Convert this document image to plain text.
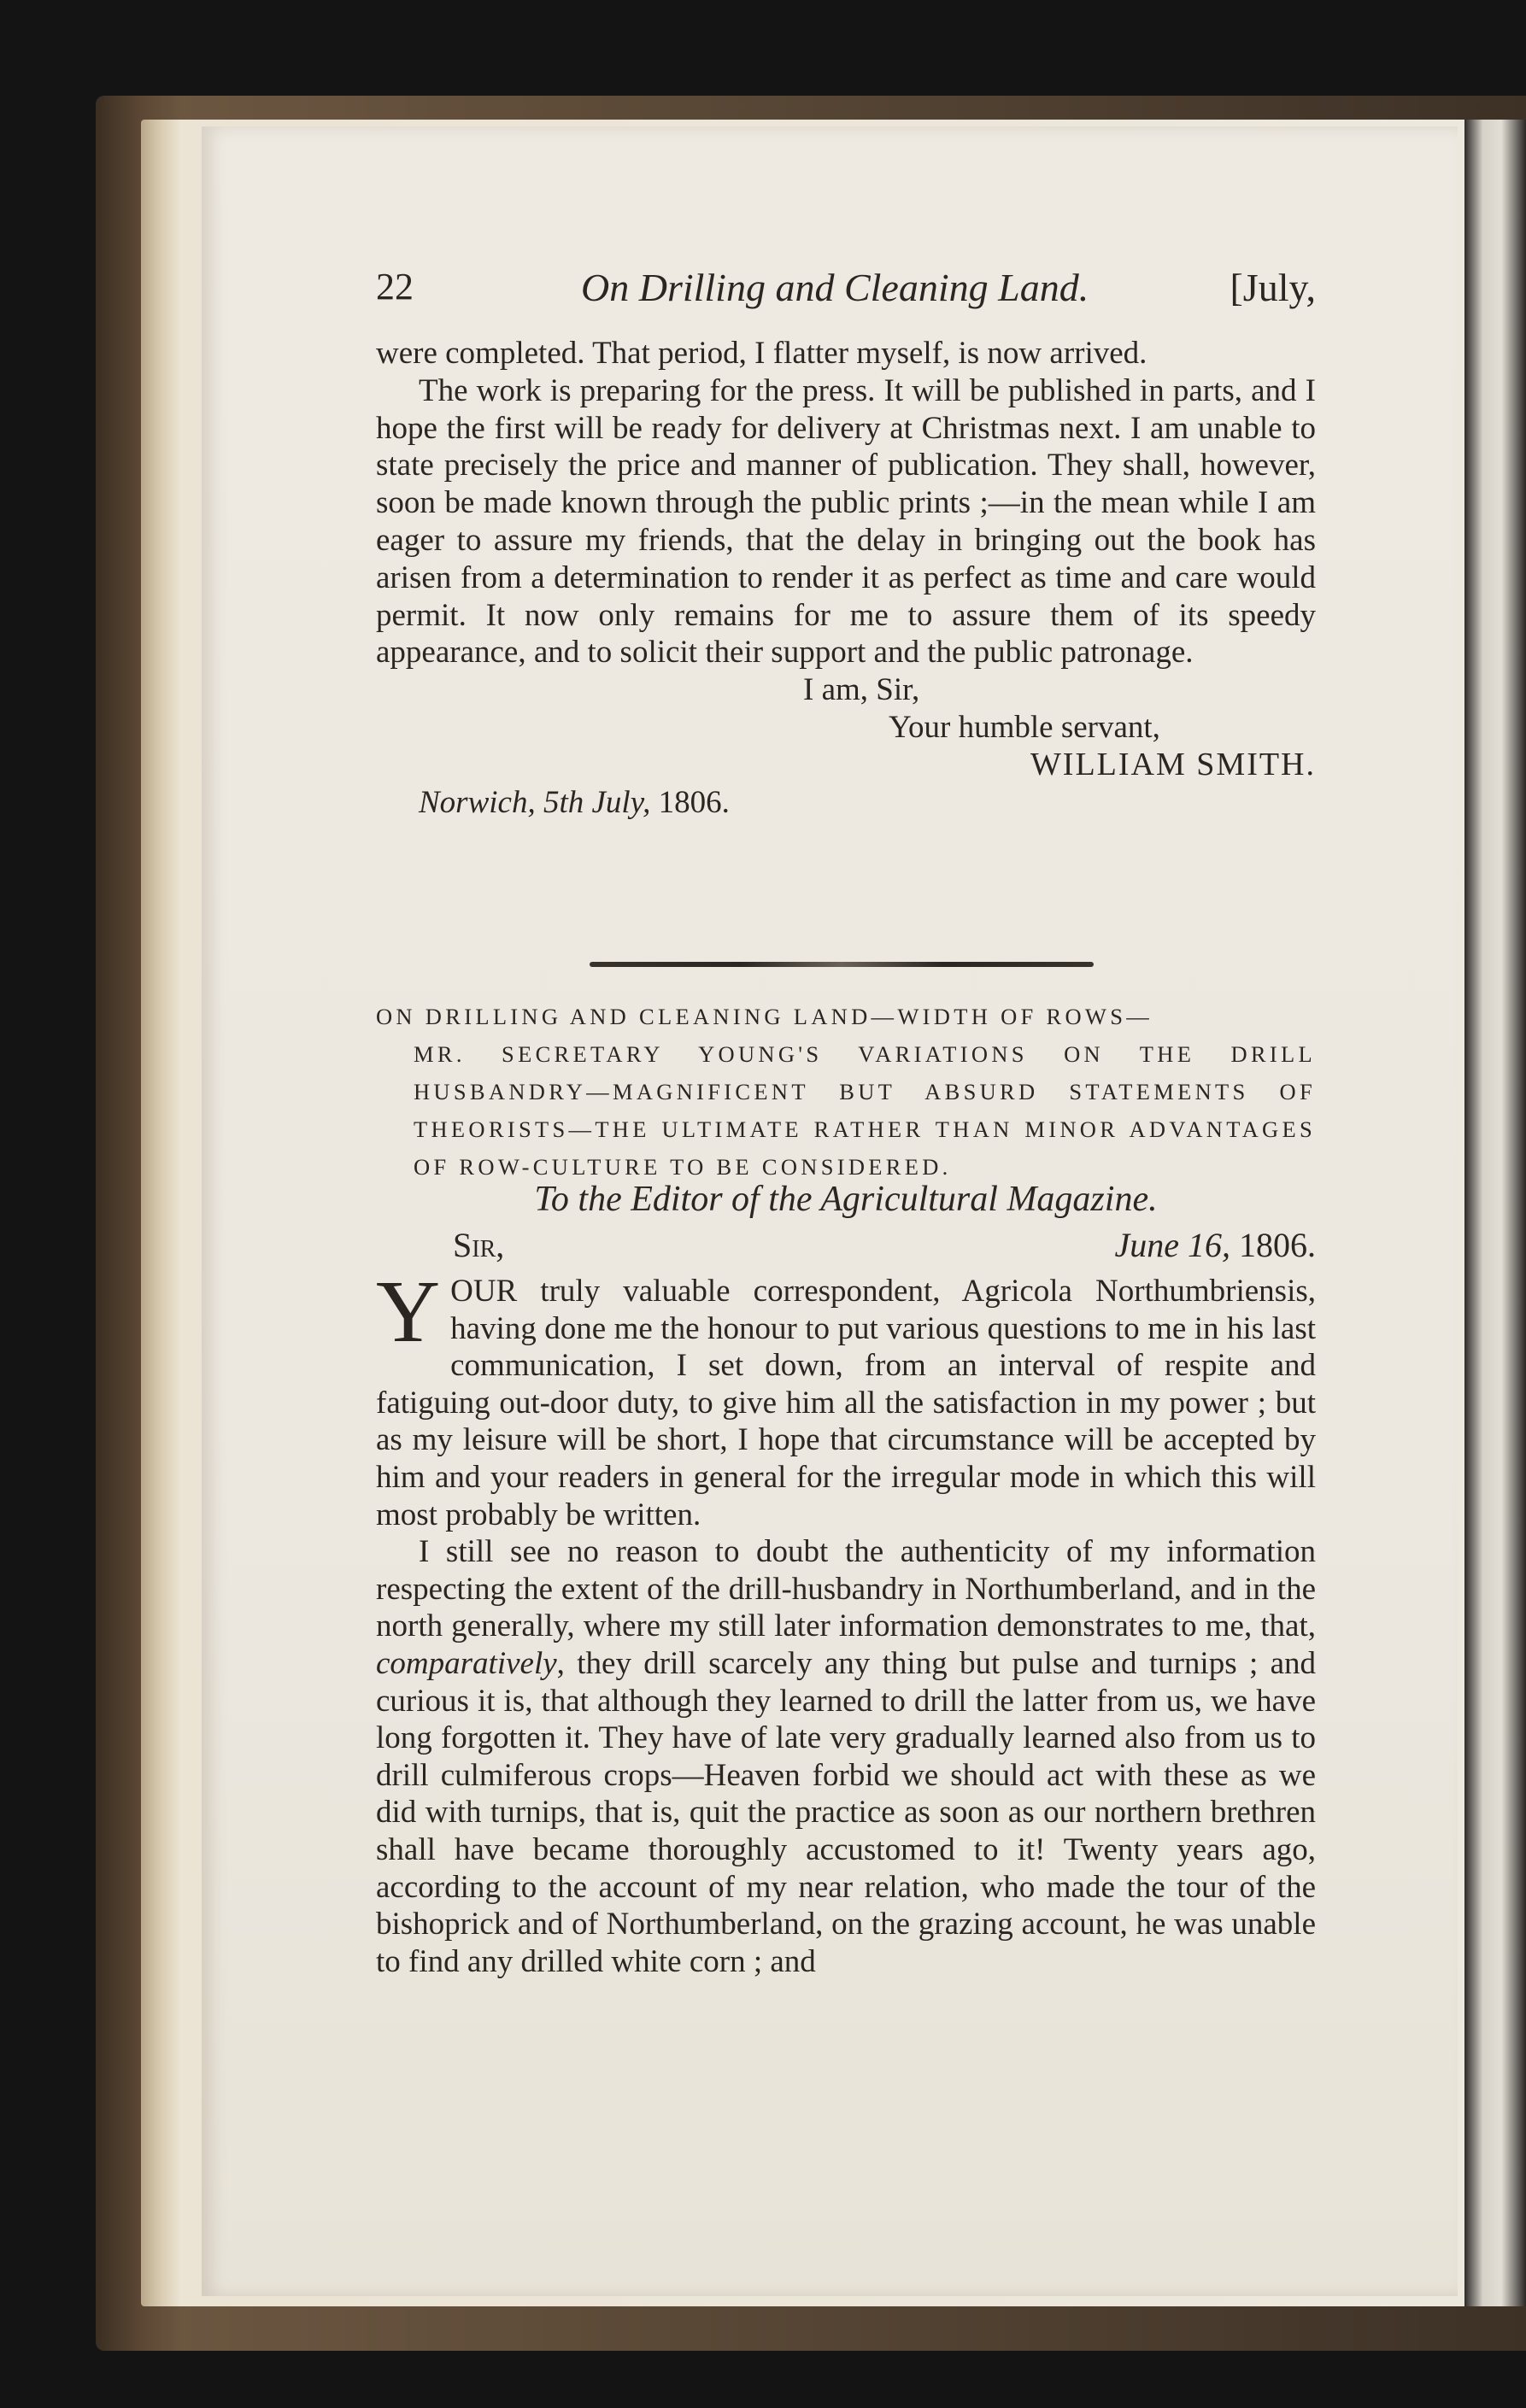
22	On Drilling and Cleaning Land.	[July,

were completed. That period, I flatter myself, is now arrived.

The work is preparing for the press. It will be published in parts, and I hope the first will be ready for delivery at Christmas next. I am unable to state precisely the price and manner of publication. They shall, however, soon be made known through the public prints ;—in the mean while I am eager to assure my friends, that the delay in bringing out the book has arisen from a determination to render it as perfect as time and care would permit. It now only remains for me to assure them of its speedy appearance, and to solicit their support and the public patronage.

I am, Sir,

Your humble servant,

WILLIAM SMITH.

Norwich, 5th July, 1806.

ON DRILLING AND CLEANING LAND—WIDTH OF ROWS—

MR. SECRETARY YOUNG'S VARIATIONS ON THE DRILL HUSBANDRY—MAGNIFICENT BUT ABSURD STATEMENTS OF THEORISTS—THE ULTIMATE RATHER THAN MINOR ADVANTAGES OF ROW-CULTURE TO BE CONSIDERED.

To the Editor of the Agricultural Magazine.
Sir,	June 16, 1806.

YOUR truly valuable correspondent, Agricola Northumbriensis, having done me the honour to put various questions to me in his last communication, I set down, from an interval of respite and fatiguing out-door duty, to give him all the satisfaction in my power ; but as my leisure will be short, I hope that circumstance will be accepted by him and your readers in general for the irregular mode in which this will most probably be written.

I still see no reason to doubt the authenticity of my information respecting the extent of the drill-husbandry in Northumberland, and in the north generally, where my still later information demonstrates to me, that, comparatively, they drill scarcely any thing but pulse and turnips ; and curious it is, that although they learned to drill the latter from us, we have long forgotten it. They have of late very gradually learned also from us to drill culmiferous crops—Heaven forbid we should act with these as we did with turnips, that is, quit the practice as soon as our northern brethren shall have became thoroughly accustomed to it! Twenty years ago, according to the account of my near relation, who made the tour of the bishoprick and of Northumberland, on the grazing account, he was unable to find any drilled white corn ; and
